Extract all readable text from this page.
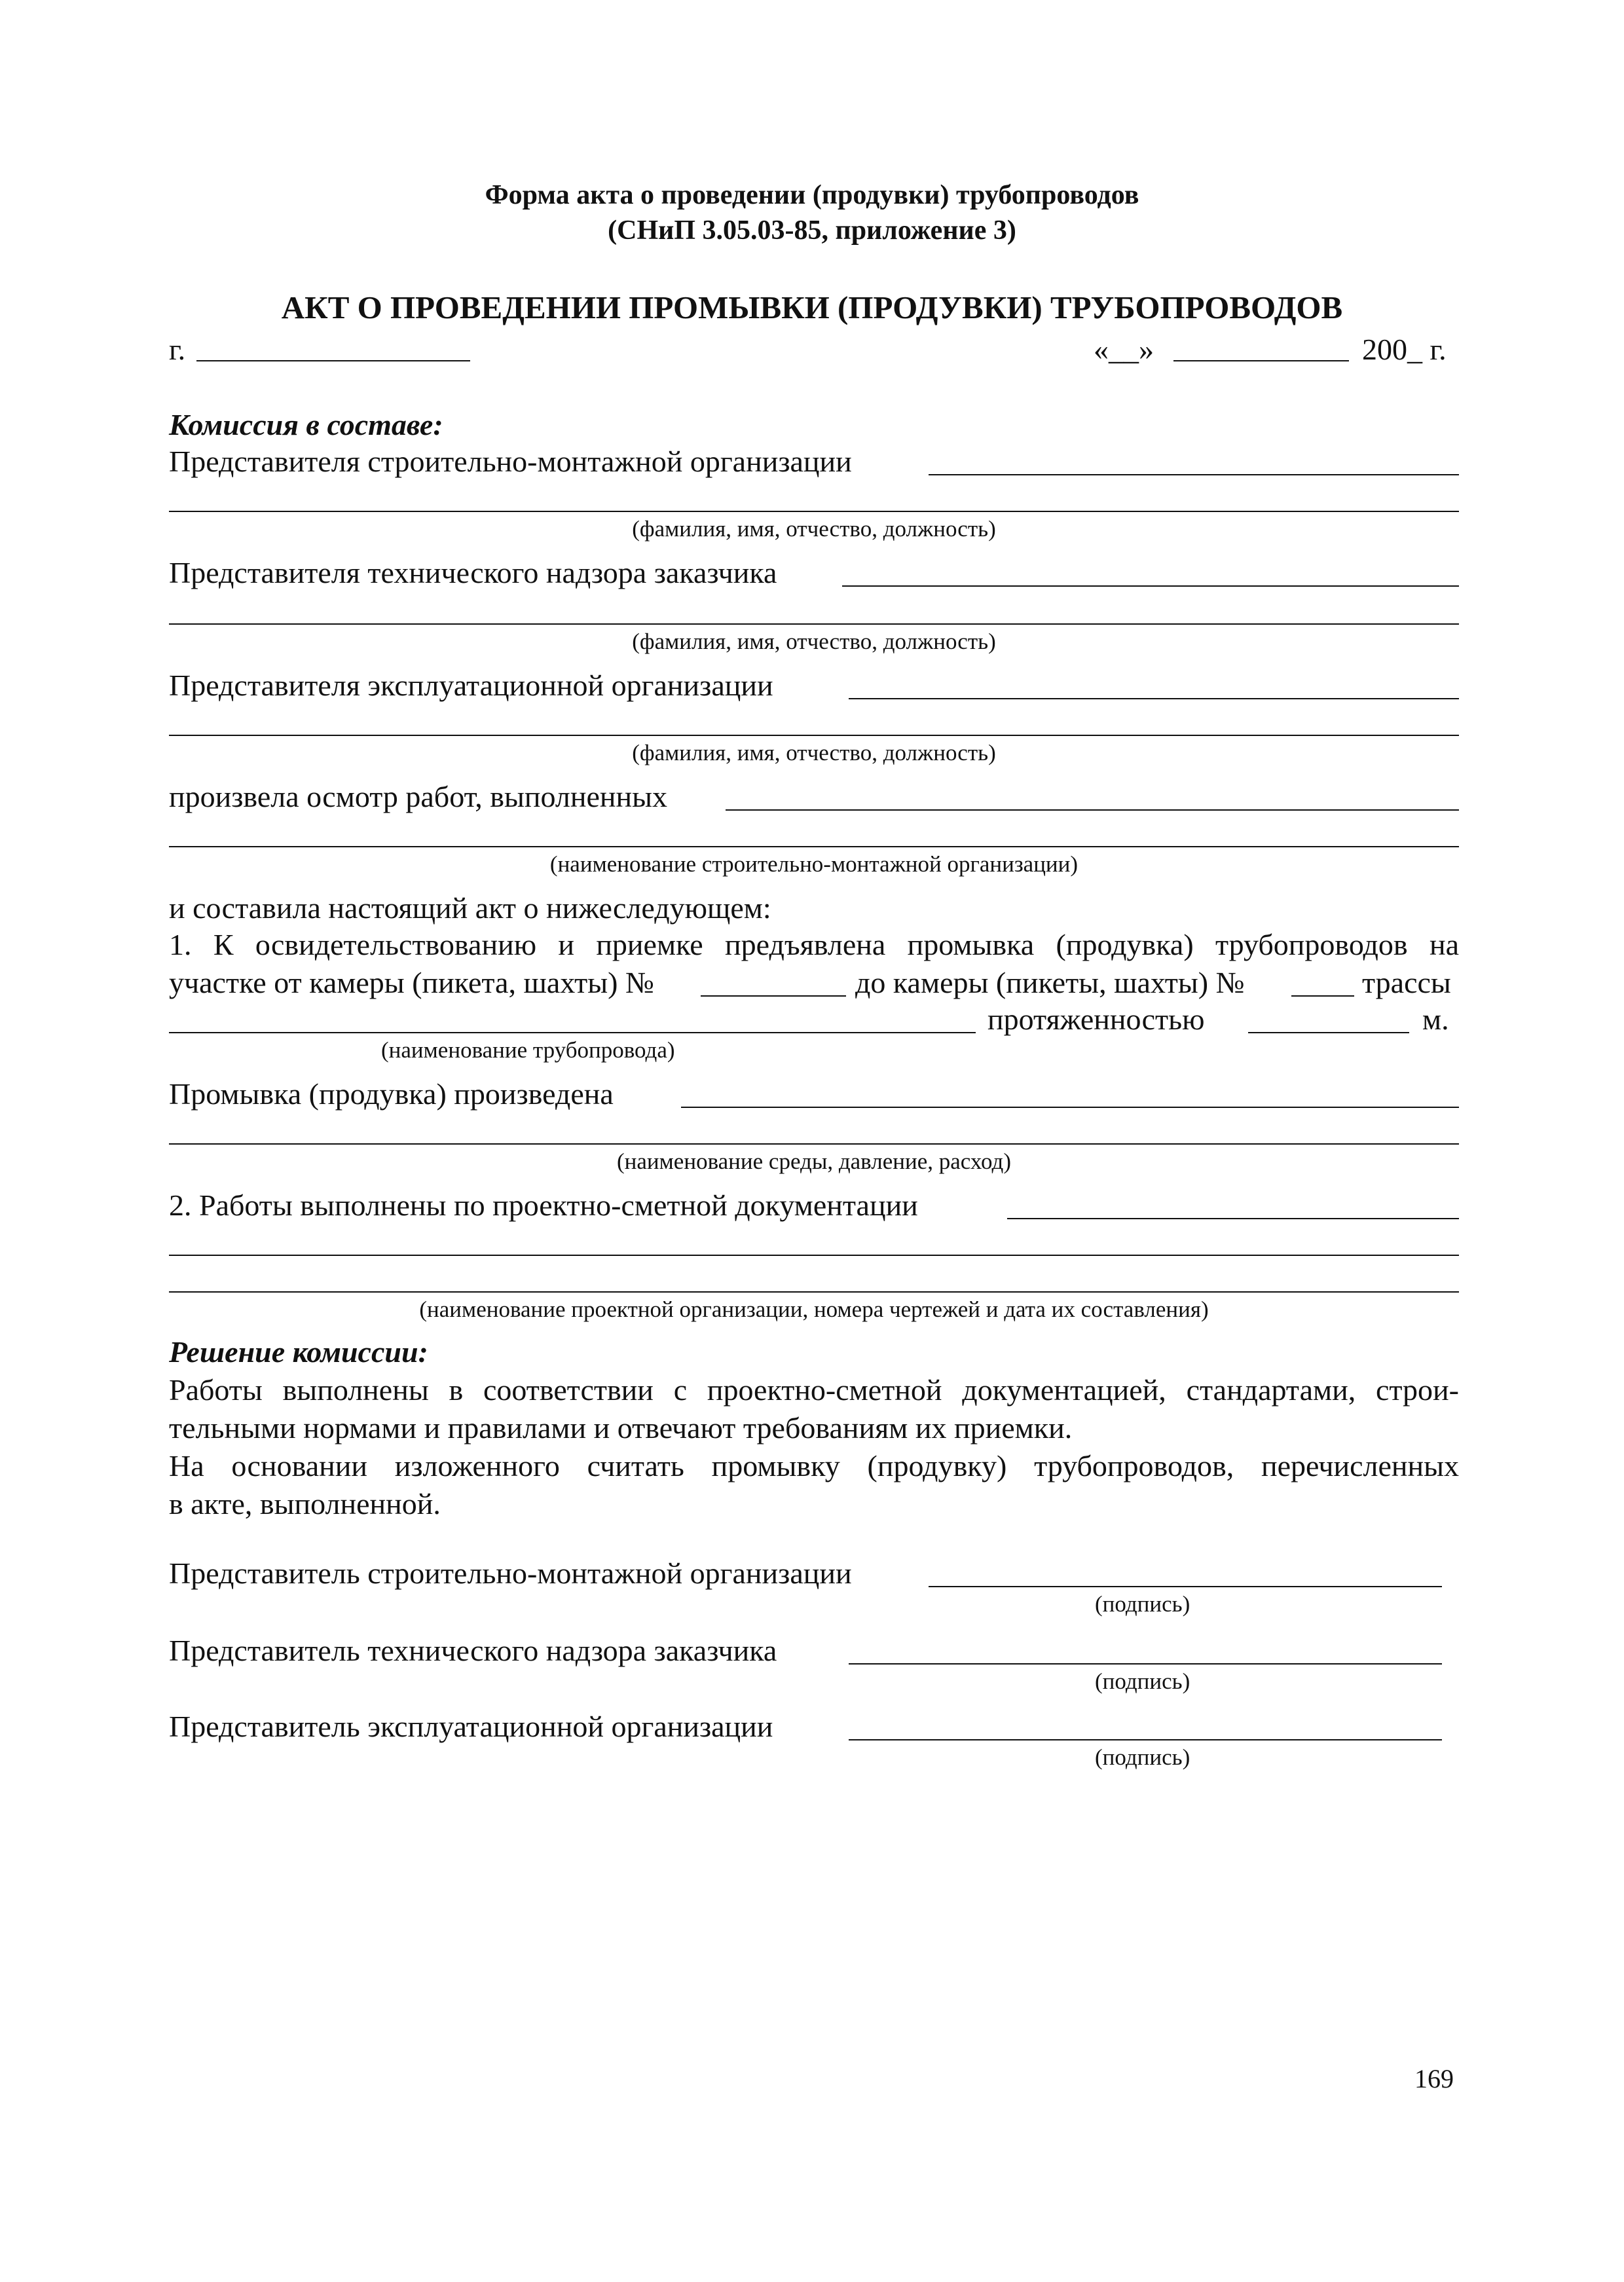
Форма акта о проведении (продувки) трубопроводов
(СНиП 3.05.03-85, приложение 3)
АКТ О ПРОВЕДЕНИИ ПРОМЫВКИ (ПРОДУВКИ) ТРУБОПРОВОДОВ
г.	«__»	200_ г.
Комиссия в составе:
Представителя строительно-монтажной организации
(фамилия, имя, отчество, должность)
Представителя технического надзора заказчика
(фамилия, имя, отчество, должность)
Представителя эксплуатационной организации
(фамилия, имя, отчество, должность)
произвела осмотр работ, выполненных
(наименование строительно-монтажной организации)
и составила настоящий акт о нижеследующем:
1. К освидетельствованию и приемке предъявлена промывка (продувка) трубопроводов на
участке от камеры (пикета, шахты) №	до камеры (пикеты, шахты) №	трассы
протяженностью	м.
(наименование трубопровода)
Промывка (продувка) произведена
(наименование среды, давление, расход)
2. Работы выполнены по проектно-сметной документации
(наименование проектной организации, номера чертежей и дата их составления)
Решение комиссии:
Работы выполнены в соответствии с проектно-сметной документацией, стандартами, строи-
тельными нормами и правилами и отвечают требованиям их приемки.
На основании изложенного считать промывку (продувку) трубопроводов, перечисленных
в акте, выполненной.
Представитель строительно-монтажной организации
(подпись)
Представитель технического надзора заказчика
(подпись)
Представитель эксплуатационной организации
(подпись)
169
